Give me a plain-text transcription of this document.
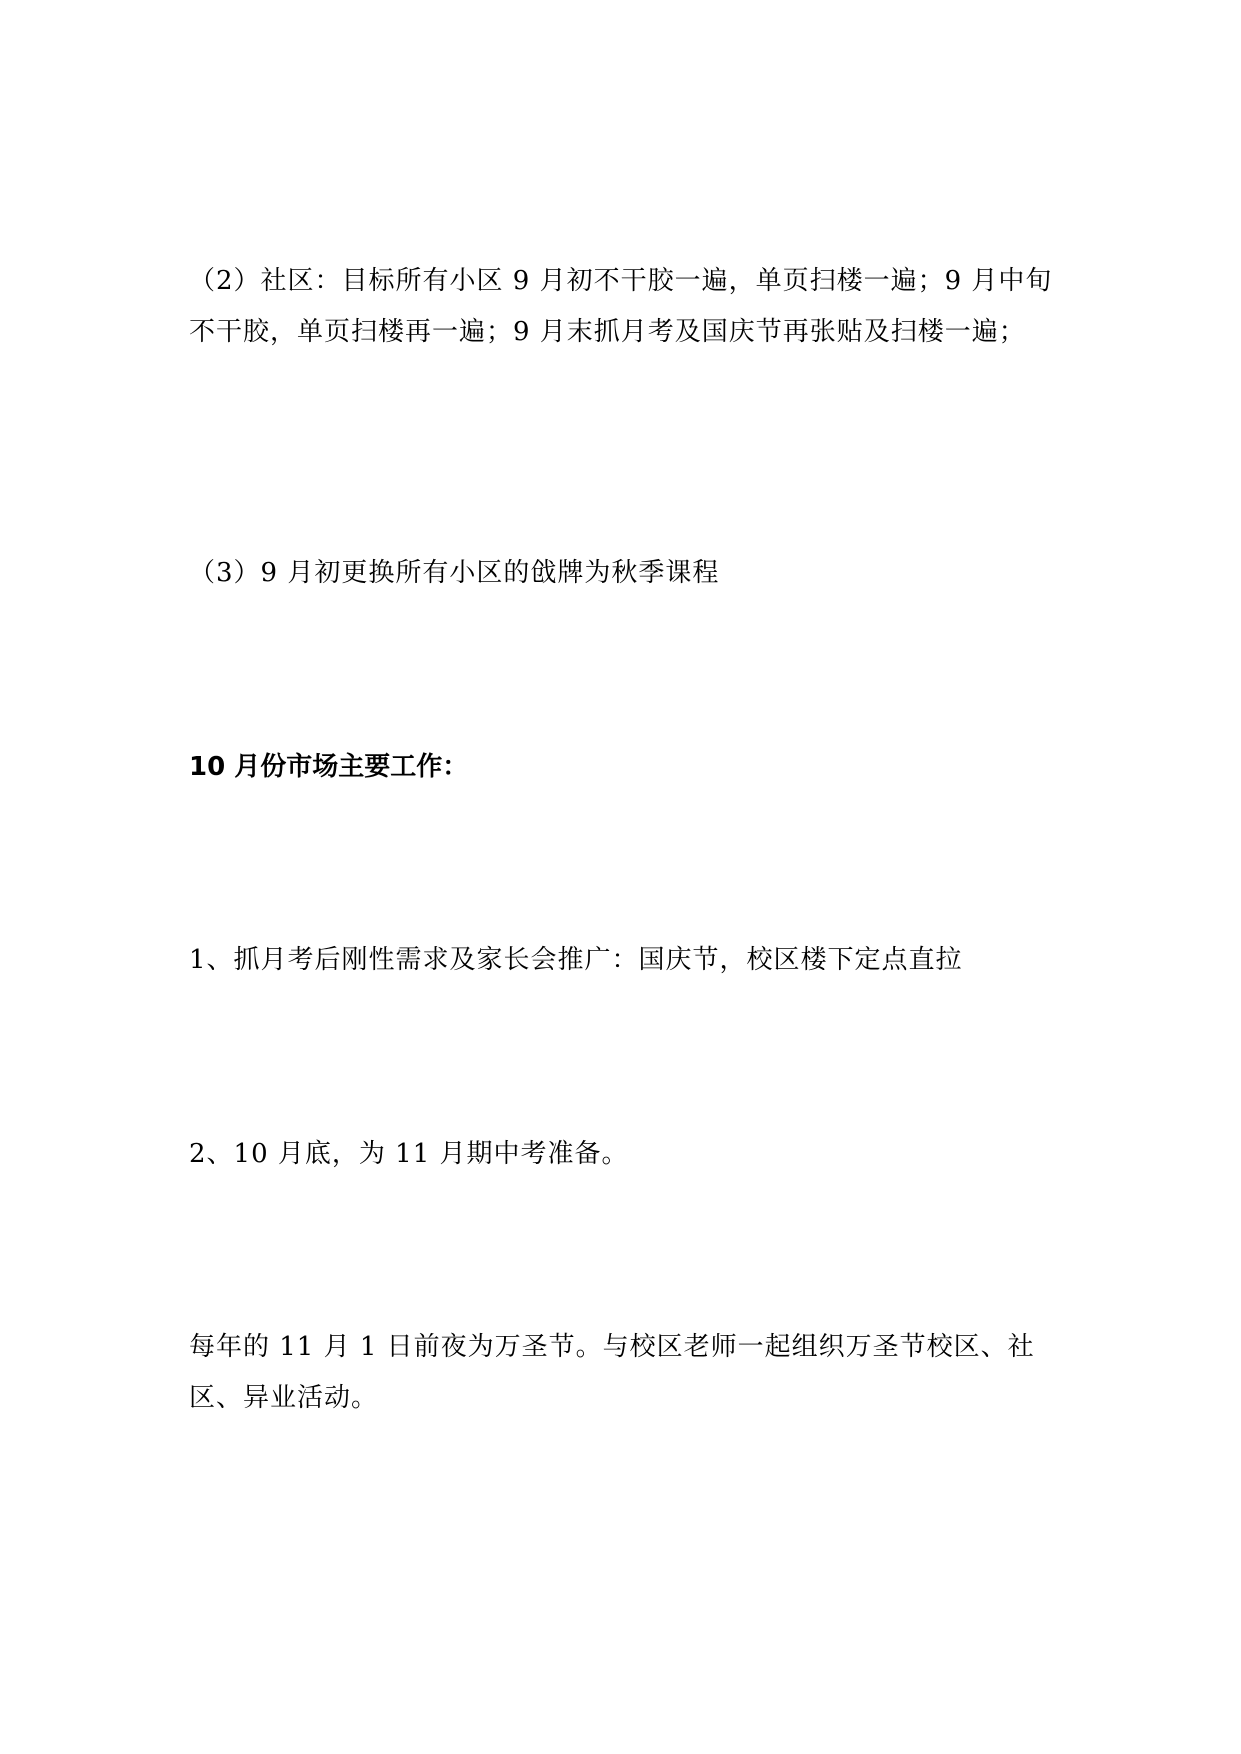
（2）社区：目标所有小区 9 月初不干胶一遍，单页扫楼一遍；9 月中旬不干胶，单页扫楼再一遍；9 月末抓月考及国庆节再张贴及扫楼一遍；

（3）9 月初更换所有小区的戗牌为秋季课程

10 月份市场主要工作：

1、抓月考后刚性需求及家长会推广：国庆节，校区楼下定点直拉

2、10 月底，为 11 月期中考准备。

每年的 11 月 1 日前夜为万圣节。与校区老师一起组织万圣节校区、社区、异业活动。
